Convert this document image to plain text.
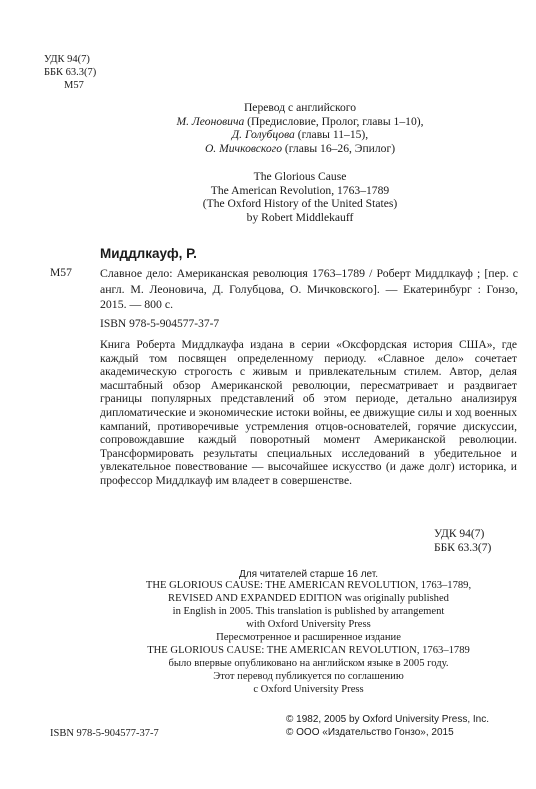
УДК 94(7)
ББК 63.3(7)
М57
Перевод с английского
М. Леоновича (Предисловие, Пролог, главы 1–10),
Д. Голубцова (главы 11–15),
О. Мичковского (главы 16–26, Эпилог)
The Glorious Cause
The American Revolution, 1763–1789
(The Oxford History of the United States)
by Robert Middlekauff
Миддлкауф, Р.
М57 Славное дело: Американская революция 1763–1789 / Роберт Миддлкауф ; [пер. с англ. М. Леоновича, Д. Голубцова, О. Мичковского]. — Екатеринбург : Гонзо, 2015. — 800 с.
ISBN 978-5-904577-37-7
Книга Роберта Миддлкауфа издана в серии «Оксфордская история США», где каждый том посвящен определенному периоду. «Славное дело» сочетает академическую строгость с живым и привлекательным стилем. Автор, делая масштабный обзор Американской революции, пересматривает и раздвигает границы популярных представлений об этом периоде, детально анализируя дипломатические и экономические истоки войны, ее движущие силы и ход военных кампаний, противоречивые устремления отцов-основателей, горячие дискуссии, сопровождавшие каждый поворотный момент Американской революции. Трансформировать результаты специальных исследований в убедительное и увлекательное повествование — высочайшее искусство (и даже долг) историка, и профессор Миддлкауф им владеет в совершенстве.
УДК 94(7)
ББК 63.3(7)
Для читателей старше 16 лет.
THE GLORIOUS CAUSE: THE AMERICAN REVOLUTION, 1763–1789,
REVISED AND EXPANDED EDITION was originally published
in English in 2005. This translation is published by arrangement
with Oxford University Press
Пересмотренное и расширенное издание
THE GLORIOUS CAUSE: THE AMERICAN REVOLUTION, 1763–1789
было впервые опубликовано на английском языке в 2005 году.
Этот перевод публикуется по соглашению
с Oxford University Press
ISBN 978-5-904577-37-7
© 1982, 2005 by Oxford University Press, Inc.
© ООО «Издательство Гонзо», 2015
